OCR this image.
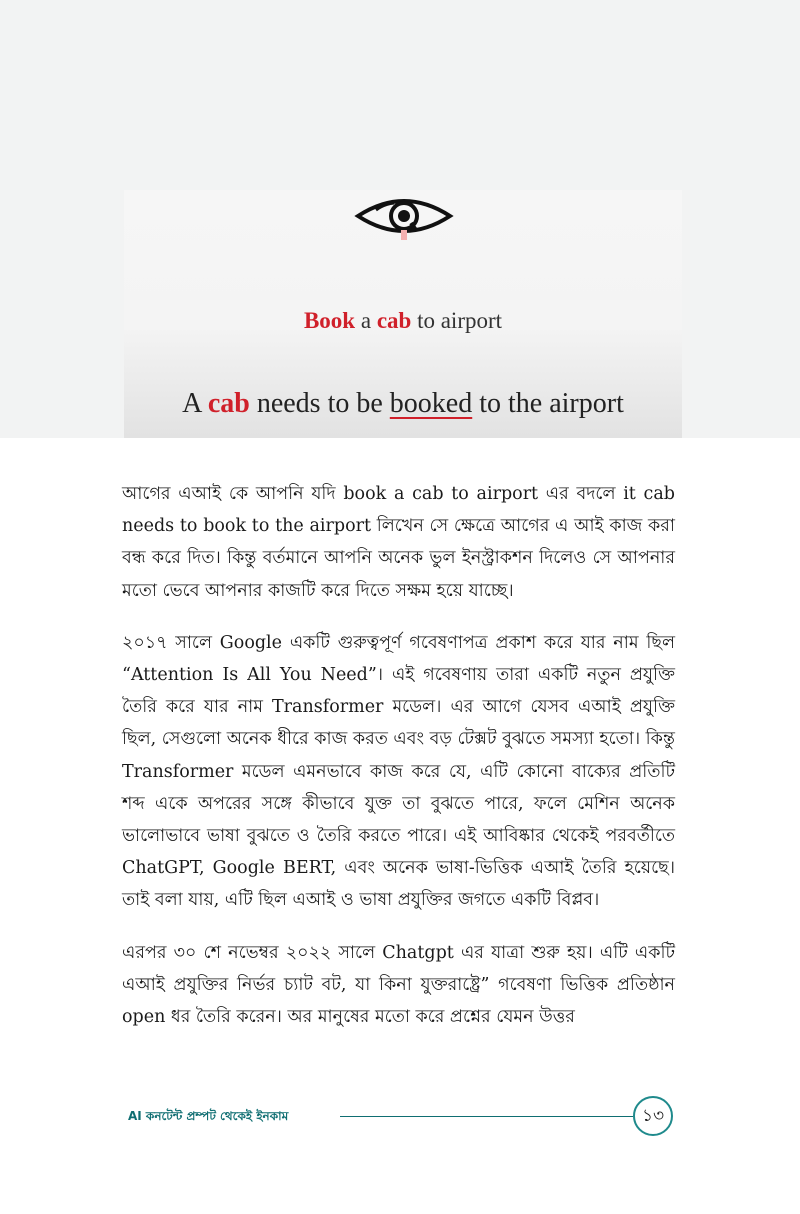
Book a cab to airport
A cab needs to be booked to the airport

আগের এআই কে আপনি যদি book a cab to airport এর বদলে it cab needs to book to the airport লিখেন সে ক্ষেত্রে আগের এ আই কাজ করা বন্ধ করে দিত। কিন্তু বর্তমানে আপনি অনেক ভুল ইনস্ট্রাকশন দিলেও সে আপনার মতো ভেবে আপনার কাজটি করে দিতে সক্ষম হয়ে যাচ্ছে।

২০১৭ সালে Google একটি গুরুত্বপূর্ণ গবেষণাপত্র প্রকাশ করে যার নাম ছিল “Attention Is All You Need”। এই গবেষণায় তারা একটি নতুন প্রযুক্তি তৈরি করে যার নাম Transformer মডেল। এর আগে যেসব এআই প্রযুক্তি ছিল, সেগুলো অনেক ধীরে কাজ করত এবং বড় টেক্সট বুঝতে সমস্যা হতো। কিন্তু Transformer মডেল এমনভাবে কাজ করে যে, এটি কোনো বাক্যের প্রতিটি শব্দ একে অপরের সঙ্গে কীভাবে যুক্ত তা বুঝতে পারে, ফলে মেশিন অনেক ভালোভাবে ভাষা বুঝতে ও তৈরি করতে পারে। এই আবিষ্কার থেকেই পরবর্তীতে ChatGPT, Google BERT, এবং অনেক ভাষা-ভিত্তিক এআই তৈরি হয়েছে। তাই বলা যায়, এটি ছিল এআই ও ভাষা প্রযুক্তির জগতে একটি বিপ্লব।

এরপর ৩০ শে নভেম্বর ২০২২ সালে Chatgpt এর যাত্রা শুরু হয়। এটি একটি এআই প্রযুক্তির নির্ভর চ্যাট বট, যা কিনা যুক্তরাষ্ট্রে” গবেষণা ভিত্তিক প্রতিষ্ঠান open ধর তৈরি করেন। অর মানুষের মতো করে প্রশ্নের যেমন উত্তর

AI কনটেন্ট প্রম্পট থেকেই ইনকাম	১৩
